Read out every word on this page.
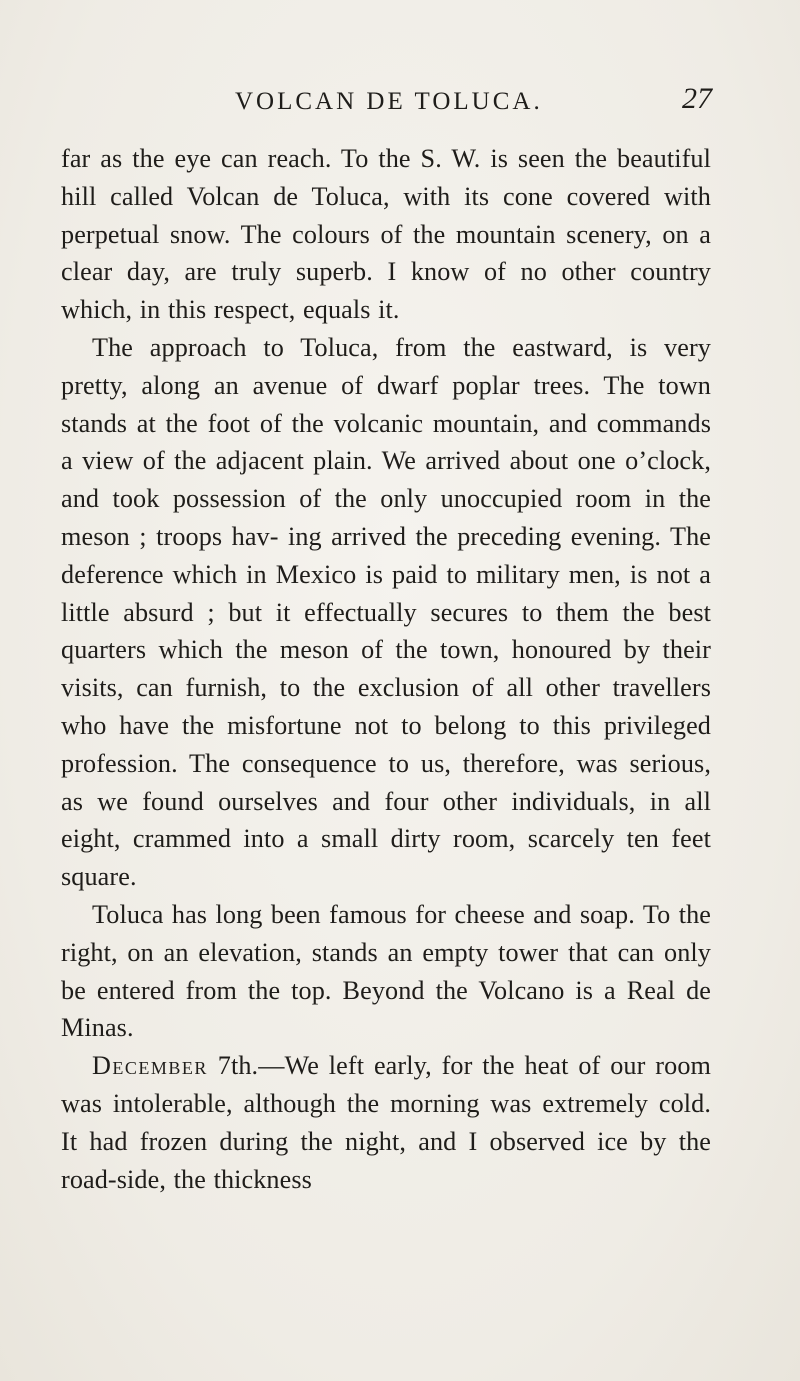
VOLCAN DE TOLUCA.	27

far as the eye can reach. To the S. W. is seen the beautiful hill called Volcan de Toluca, with its cone covered with perpetual snow. The colours of the mountain scenery, on a clear day, are truly superb. I know of no other country which, in this respect, equals it.

The approach to Toluca, from the eastward, is very pretty, along an avenue of dwarf poplar trees. The town stands at the foot of the volcanic mountain, and commands a view of the adjacent plain. We arrived about one o’clock, and took possession of the only unoccupied room in the meson ; troops hav- ing arrived the preceding evening. The deference which in Mexico is paid to military men, is not a little absurd ; but it effectually secures to them the best quarters which the meson of the town, honoured by their visits, can furnish, to the exclusion of all other travellers who have the misfortune not to belong to this privileged profession. The consequence to us, therefore, was serious, as we found ourselves and four other individuals, in all eight, crammed into a small dirty room, scarcely ten feet square.

Toluca has long been famous for cheese and soap. To the right, on an elevation, stands an empty tower that can only be entered from the top. Beyond the Volcano is a Real de Minas.

December 7th.—We left early, for the heat of our room was intolerable, although the morning was extremely cold. It had frozen during the night, and I observed ice by the road-side, the thickness
